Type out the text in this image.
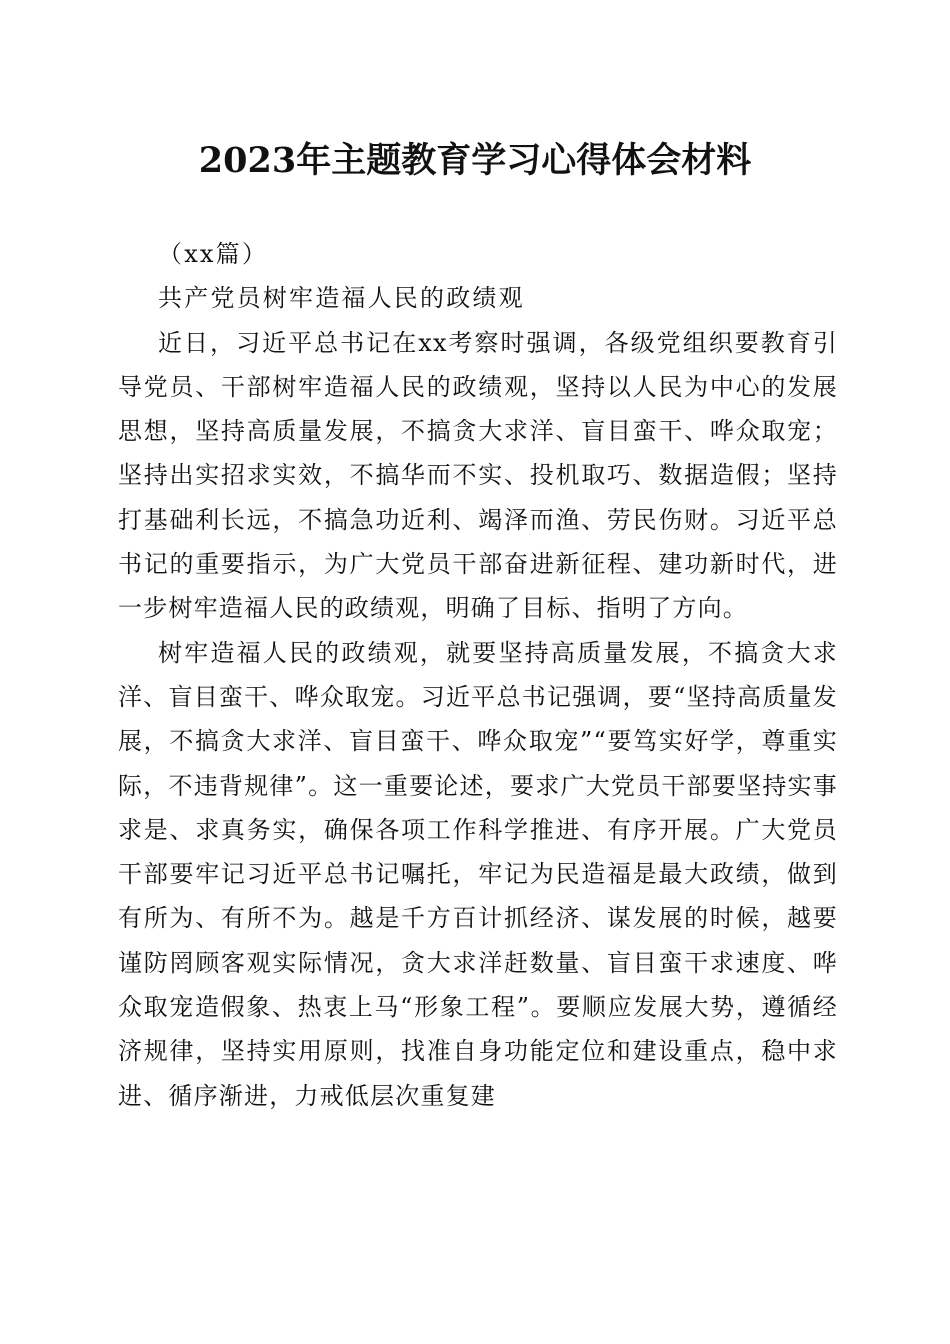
2023年主题教育学习心得体会材料

（xx篇）

共产党员树牢造福人民的政绩观

近日，习近平总书记在xx考察时强调，各级党组织要教育引导党员、干部树牢造福人民的政绩观，坚持以人民为中心的发展思想，坚持高质量发展，不搞贪大求洋、盲目蛮干、哗众取宠；坚持出实招求实效，不搞华而不实、投机取巧、数据造假；坚持打基础利长远，不搞急功近利、竭泽而渔、劳民伤财。习近平总书记的重要指示，为广大党员干部奋进新征程、建功新时代，进一步树牢造福人民的政绩观，明确了目标、指明了方向。

树牢造福人民的政绩观，就要坚持高质量发展，不搞贪大求洋、盲目蛮干、哗众取宠。习近平总书记强调，要“坚持高质量发展，不搞贪大求洋、盲目蛮干、哗众取宠”“要笃实好学，尊重实际，不违背规律”。这一重要论述，要求广大党员干部要坚持实事求是、求真务实，确保各项工作科学推进、有序开展。广大党员干部要牢记习近平总书记嘱托，牢记为民造福是最大政绩，做到有所为、有所不为。越是千方百计抓经济、谋发展的时候，越要谨防罔顾客观实际情况，贪大求洋赶数量、盲目蛮干求速度、哗众取宠造假象、热衷上马“形象工程”。要顺应发展大势，遵循经济规律，坚持实用原则，找准自身功能定位和建设重点，稳中求进、循序渐进，力戒低层次重复建
